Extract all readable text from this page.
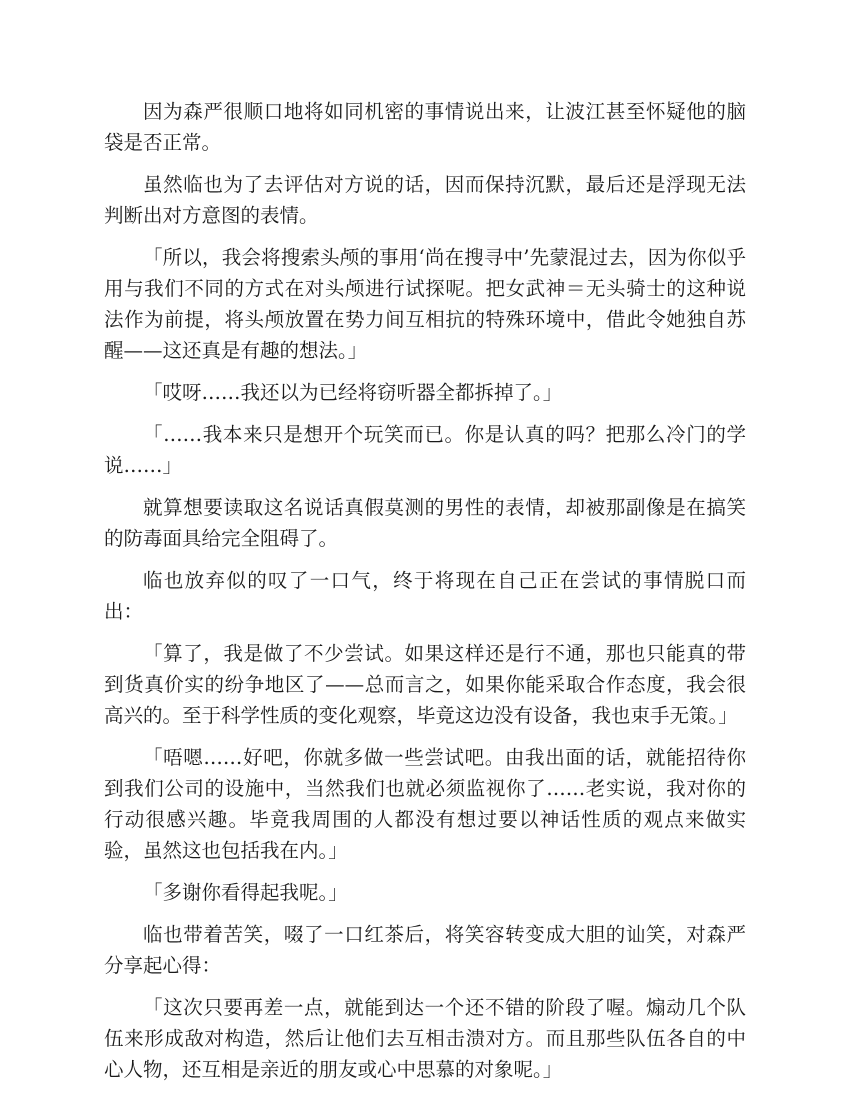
因为森严很顺口地将如同机密的事情说出来，让波江甚至怀疑他的脑袋是否正常。

虽然临也为了去评估对方说的话，因而保持沉默，最后还是浮现无法判断出对方意图的表情。

「所以，我会将搜索头颅的事用‘尚在搜寻中’先蒙混过去，因为你似乎用与我们不同的方式在对头颅进行试探呢。把女武神＝无头骑士的这种说法作为前提，将头颅放置在势力间互相抗的特殊环境中，借此令她独自苏醒——这还真是有趣的想法。」

「哎呀……我还以为已经将窃听器全都拆掉了。」

「……我本来只是想开个玩笑而已。你是认真的吗？把那么冷门的学说……」

就算想要读取这名说话真假莫测的男性的表情，却被那副像是在搞笑的防毒面具给完全阻碍了。

临也放弃似的叹了一口气，终于将现在自己正在尝试的事情脱口而出：

「算了，我是做了不少尝试。如果这样还是行不通，那也只能真的带到货真价实的纷争地区了——总而言之，如果你能采取合作态度，我会很高兴的。至于科学性质的变化观察，毕竟这边没有设备，我也束手无策。」

「唔嗯……好吧，你就多做一些尝试吧。由我出面的话，就能招待你到我们公司的设施中，当然我们也就必须监视你了……老实说，我对你的行动很感兴趣。毕竟我周围的人都没有想过要以神话性质的观点来做实验，虽然这也包括我在内。」

「多谢你看得起我呢。」

临也带着苦笑，啜了一口红茶后，将笑容转变成大胆的讪笑，对森严分享起心得：

「这次只要再差一点，就能到达一个还不错的阶段了喔。煽动几个队伍来形成敌对构造，然后让他们去互相击溃对方。而且那些队伍各自的中心人物，还互相是亲近的朋友或心中思慕的对象呢。」
